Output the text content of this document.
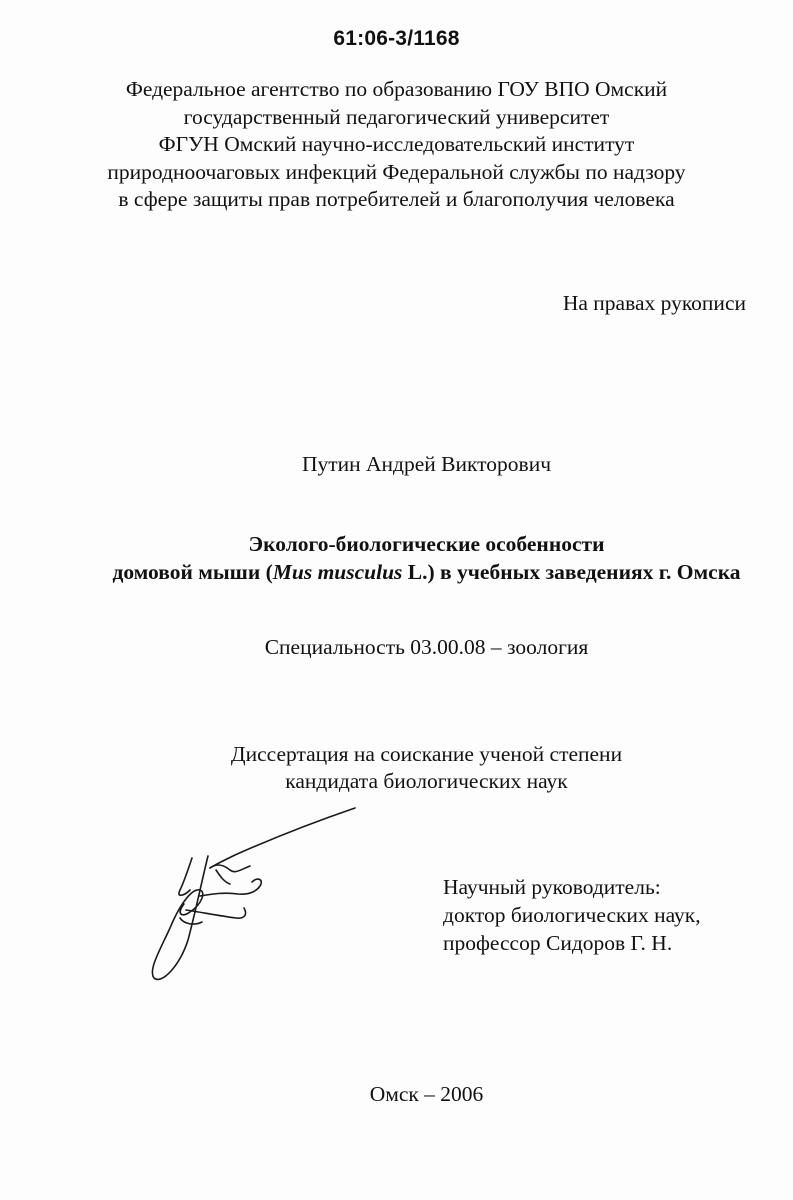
61:06-3/1168
Федеральное агентство по образованию ГОУ ВПО Омский
государственный педагогический университет
ФГУН Омский научно-исследовательский институт
природноочаговых инфекций Федеральной службы по надзору
в сфере защиты прав потребителей и благополучия человека
На правах рукописи
Путин Андрей Викторович
Эколого-биологические особенности
домовой мыши (Mus musculus L.) в учебных заведениях г. Омска
Специальность 03.00.08 – зоология
Диссертация на соискание ученой степени
кандидата биологических наук
Научный руководитель:
доктор биологических наук,
профессор Сидоров Г. Н.
Омск – 2006
